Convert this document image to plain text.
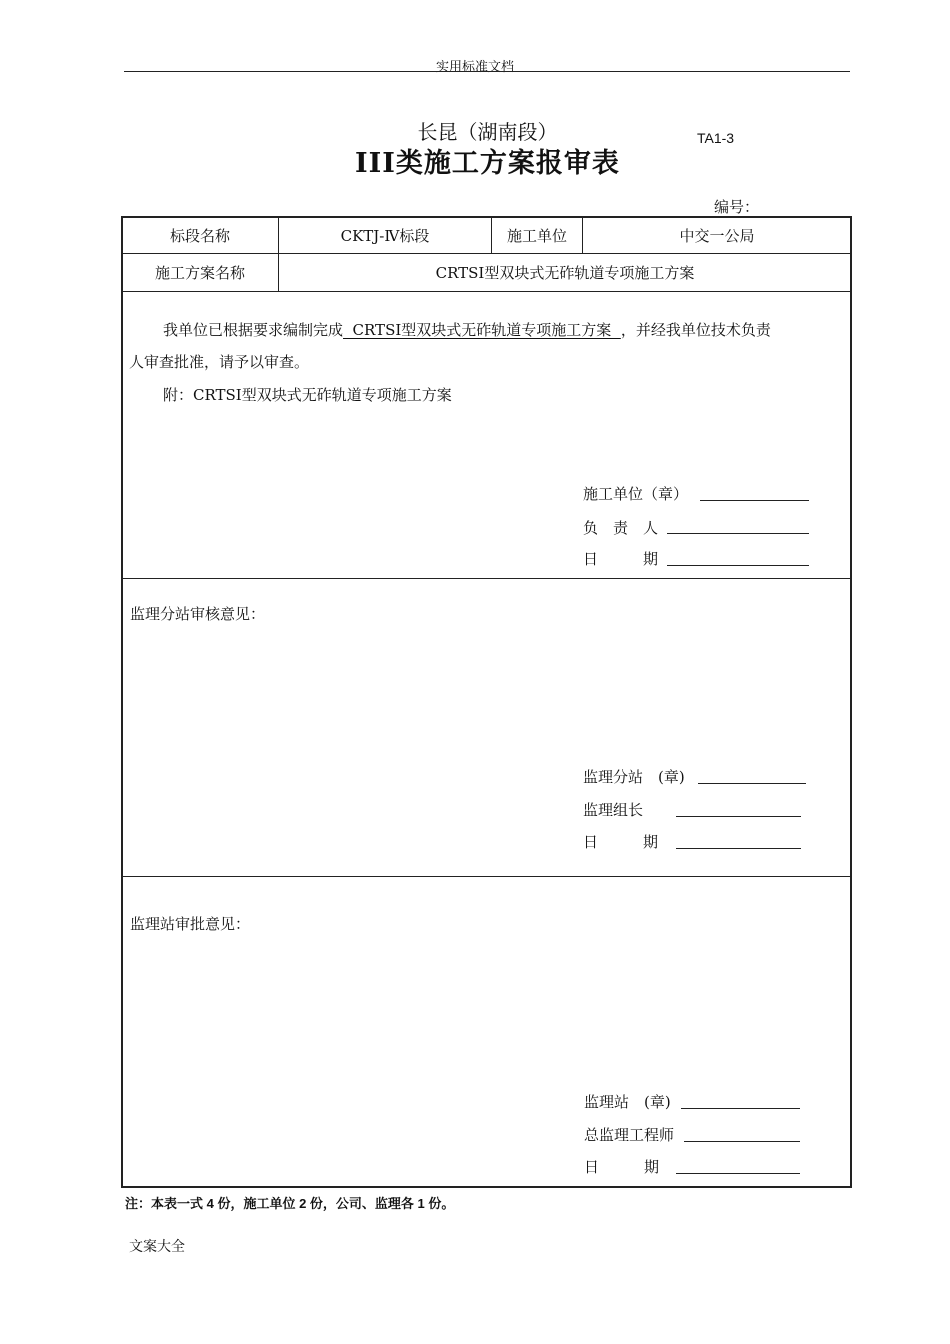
实用标准文档
长昆（湖南段）
III类施工方案报审表
TA1-3
编号：
标段名称	CKTJ-Ⅳ标段	施工单位	中交一公局
施工方案名称	CRTSⅠ型双块式无砟轨道专项施工方案
我单位已根据要求编制完成  CRTSⅠ型双块式无砟轨道专项施工方案  ，并经我单位技术负责
人审查批准，请予以审查。
附：CRTSⅠ型双块式无砟轨道专项施工方案
施工单位（章）
负　责　人
日　　　期
监理分站审核意见：
监理分站　(章)
监理组长
日　　　期
监理站审批意见：
监理站　(章)
总监理工程师
日　　　期
注：本表一式 4 份，施工单位 2 份，公司、监理各 1 份。
文案大全
